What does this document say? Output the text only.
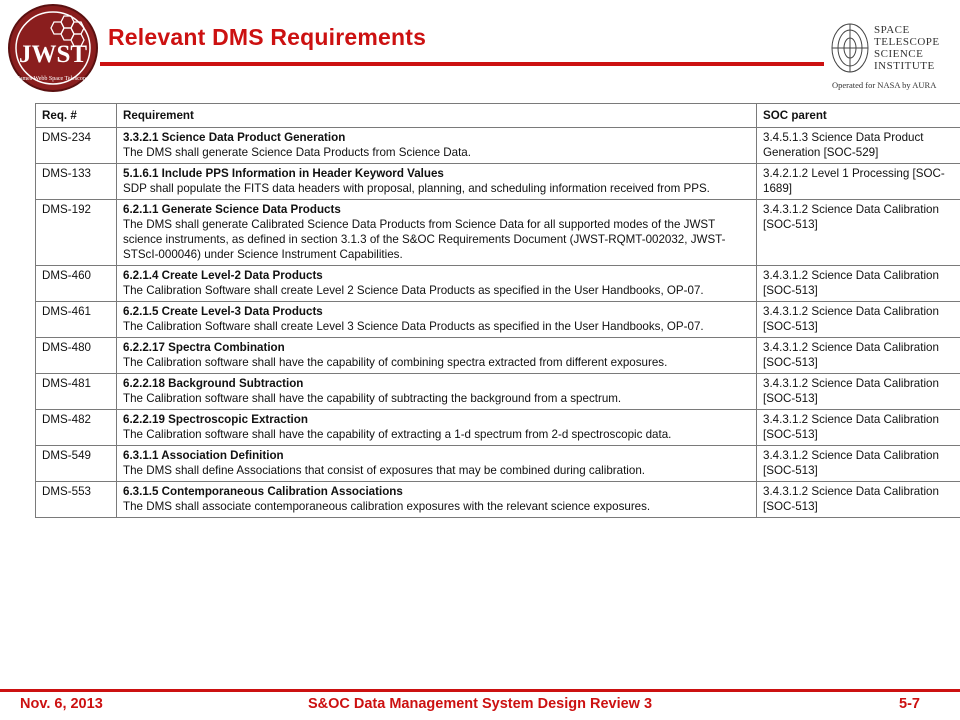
JWST
James Webb Space Telescope
Relevant DMS Requirements	SPACE
TELESCOPE
SCIENCE
INSTITUTE
Operated for NASA by AURA
Req. #	Requirement	SOC parent
DMS-234	3.3.2.1 Science Data Product Generation
The DMS shall generate Science Data Products from Science Data.	3.4.5.1.3 Science Data Product Generation [SOC-529]
DMS-133	5.1.6.1 Include PPS Information in Header Keyword Values
SDP shall populate the FITS data headers with proposal, planning, and scheduling information received from PPS.	3.4.2.1.2 Level 1 Processing [SOC-1689]
DMS-192	6.2.1.1 Generate Science Data Products
The DMS shall generate Calibrated Science Data Products from Science Data for all supported modes of the JWST science instruments, as defined in section 3.1.3 of the S&OC Requirements Document (JWST-RQMT-002032, JWST-STScI-000046) under Science Instrument Capabilities.	3.4.3.1.2 Science Data Calibration [SOC-513]
DMS-460	6.2.1.4 Create Level-2 Data Products
The Calibration Software shall create Level 2 Science Data Products as specified in the User Handbooks, OP-07.	3.4.3.1.2 Science Data Calibration [SOC-513]
DMS-461	6.2.1.5 Create Level-3 Data Products
The Calibration Software shall create Level 3 Science Data Products as specified in the User Handbooks, OP-07.	3.4.3.1.2 Science Data Calibration [SOC-513]
DMS-480	6.2.2.17 Spectra Combination
The Calibration software shall have the capability of combining spectra extracted from different exposures.	3.4.3.1.2 Science Data Calibration [SOC-513]
DMS-481	6.2.2.18 Background Subtraction
The Calibration software shall have the capability of subtracting the background from a spectrum.	3.4.3.1.2 Science Data Calibration [SOC-513]
DMS-482	6.2.2.19 Spectroscopic Extraction
The Calibration software shall have the capability of extracting a 1-d spectrum from 2-d spectroscopic data.	3.4.3.1.2 Science Data Calibration [SOC-513]
DMS-549	6.3.1.1 Association Definition
The DMS shall define Associations that consist of exposures that may be combined during calibration.	3.4.3.1.2 Science Data Calibration [SOC-513]
DMS-553	6.3.1.5 Contemporaneous Calibration Associations
The DMS shall associate contemporaneous calibration exposures with the relevant science exposures.	3.4.3.1.2 Science Data Calibration [SOC-513]
S&OC Data Management System Design Review 3
Nov. 6, 2013	5-7
